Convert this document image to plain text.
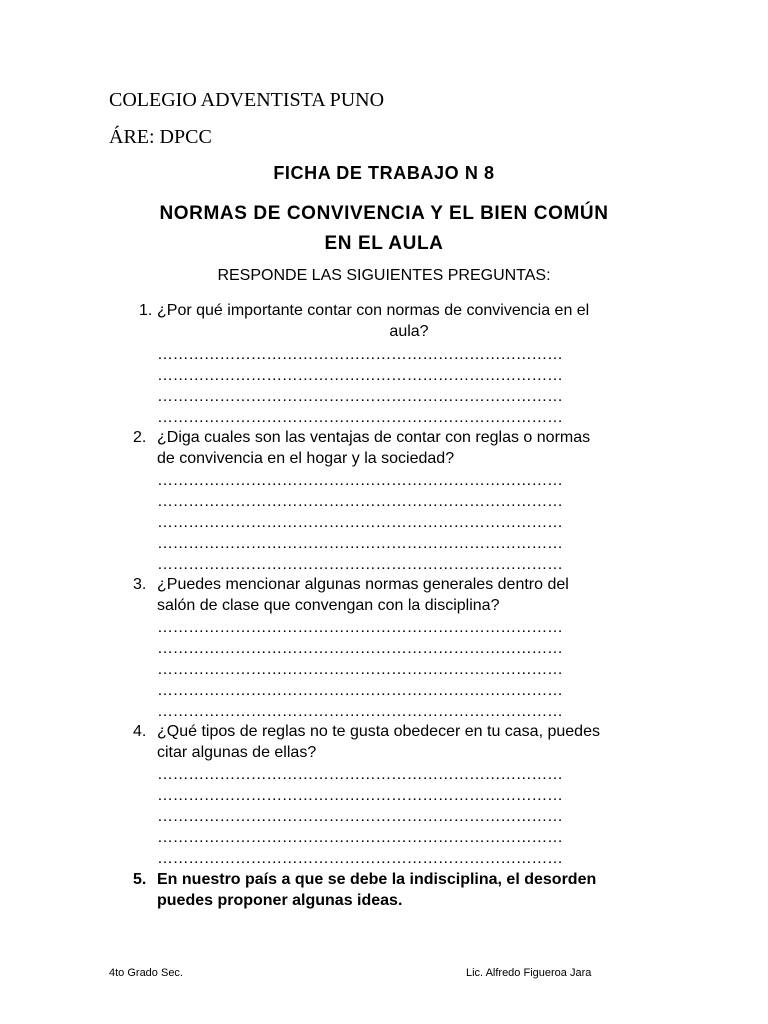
COLEGIO ADVENTISTA PUNO
ÁRE: DPCC
FICHA DE TRABAJO N 8
NORMAS DE CONVIVENCIA Y EL BIEN COMÚN
EN EL AULA
RESPONDE LAS SIGUIENTES PREGUNTAS:
1. ¿Por qué importante contar con normas de convivencia en el
aula?
……………………………………………………………………
……………………………………………………………………
……………………………………………………………………
……………………………………………………………………
2. ¿Diga cuales son las ventajas de contar con reglas o normas
de convivencia en el hogar y la sociedad?
……………………………………………………………………
……………………………………………………………………
……………………………………………………………………
……………………………………………………………………
……………………………………………………………………
3. ¿Puedes mencionar algunas normas generales dentro del
salón de clase que convengan con la disciplina?
……………………………………………………………………
……………………………………………………………………
……………………………………………………………………
……………………………………………………………………
……………………………………………………………………
4. ¿Qué tipos de reglas no te gusta obedecer en tu casa, puedes
citar algunas de ellas?
……………………………………………………………………
……………………………………………………………………
……………………………………………………………………
……………………………………………………………………
……………………………………………………………………
5. En nuestro país a que se debe la indisciplina, el desorden
puedes proponer algunas ideas.
4to Grado Sec.	Lic. Alfredo Figueroa Jara
